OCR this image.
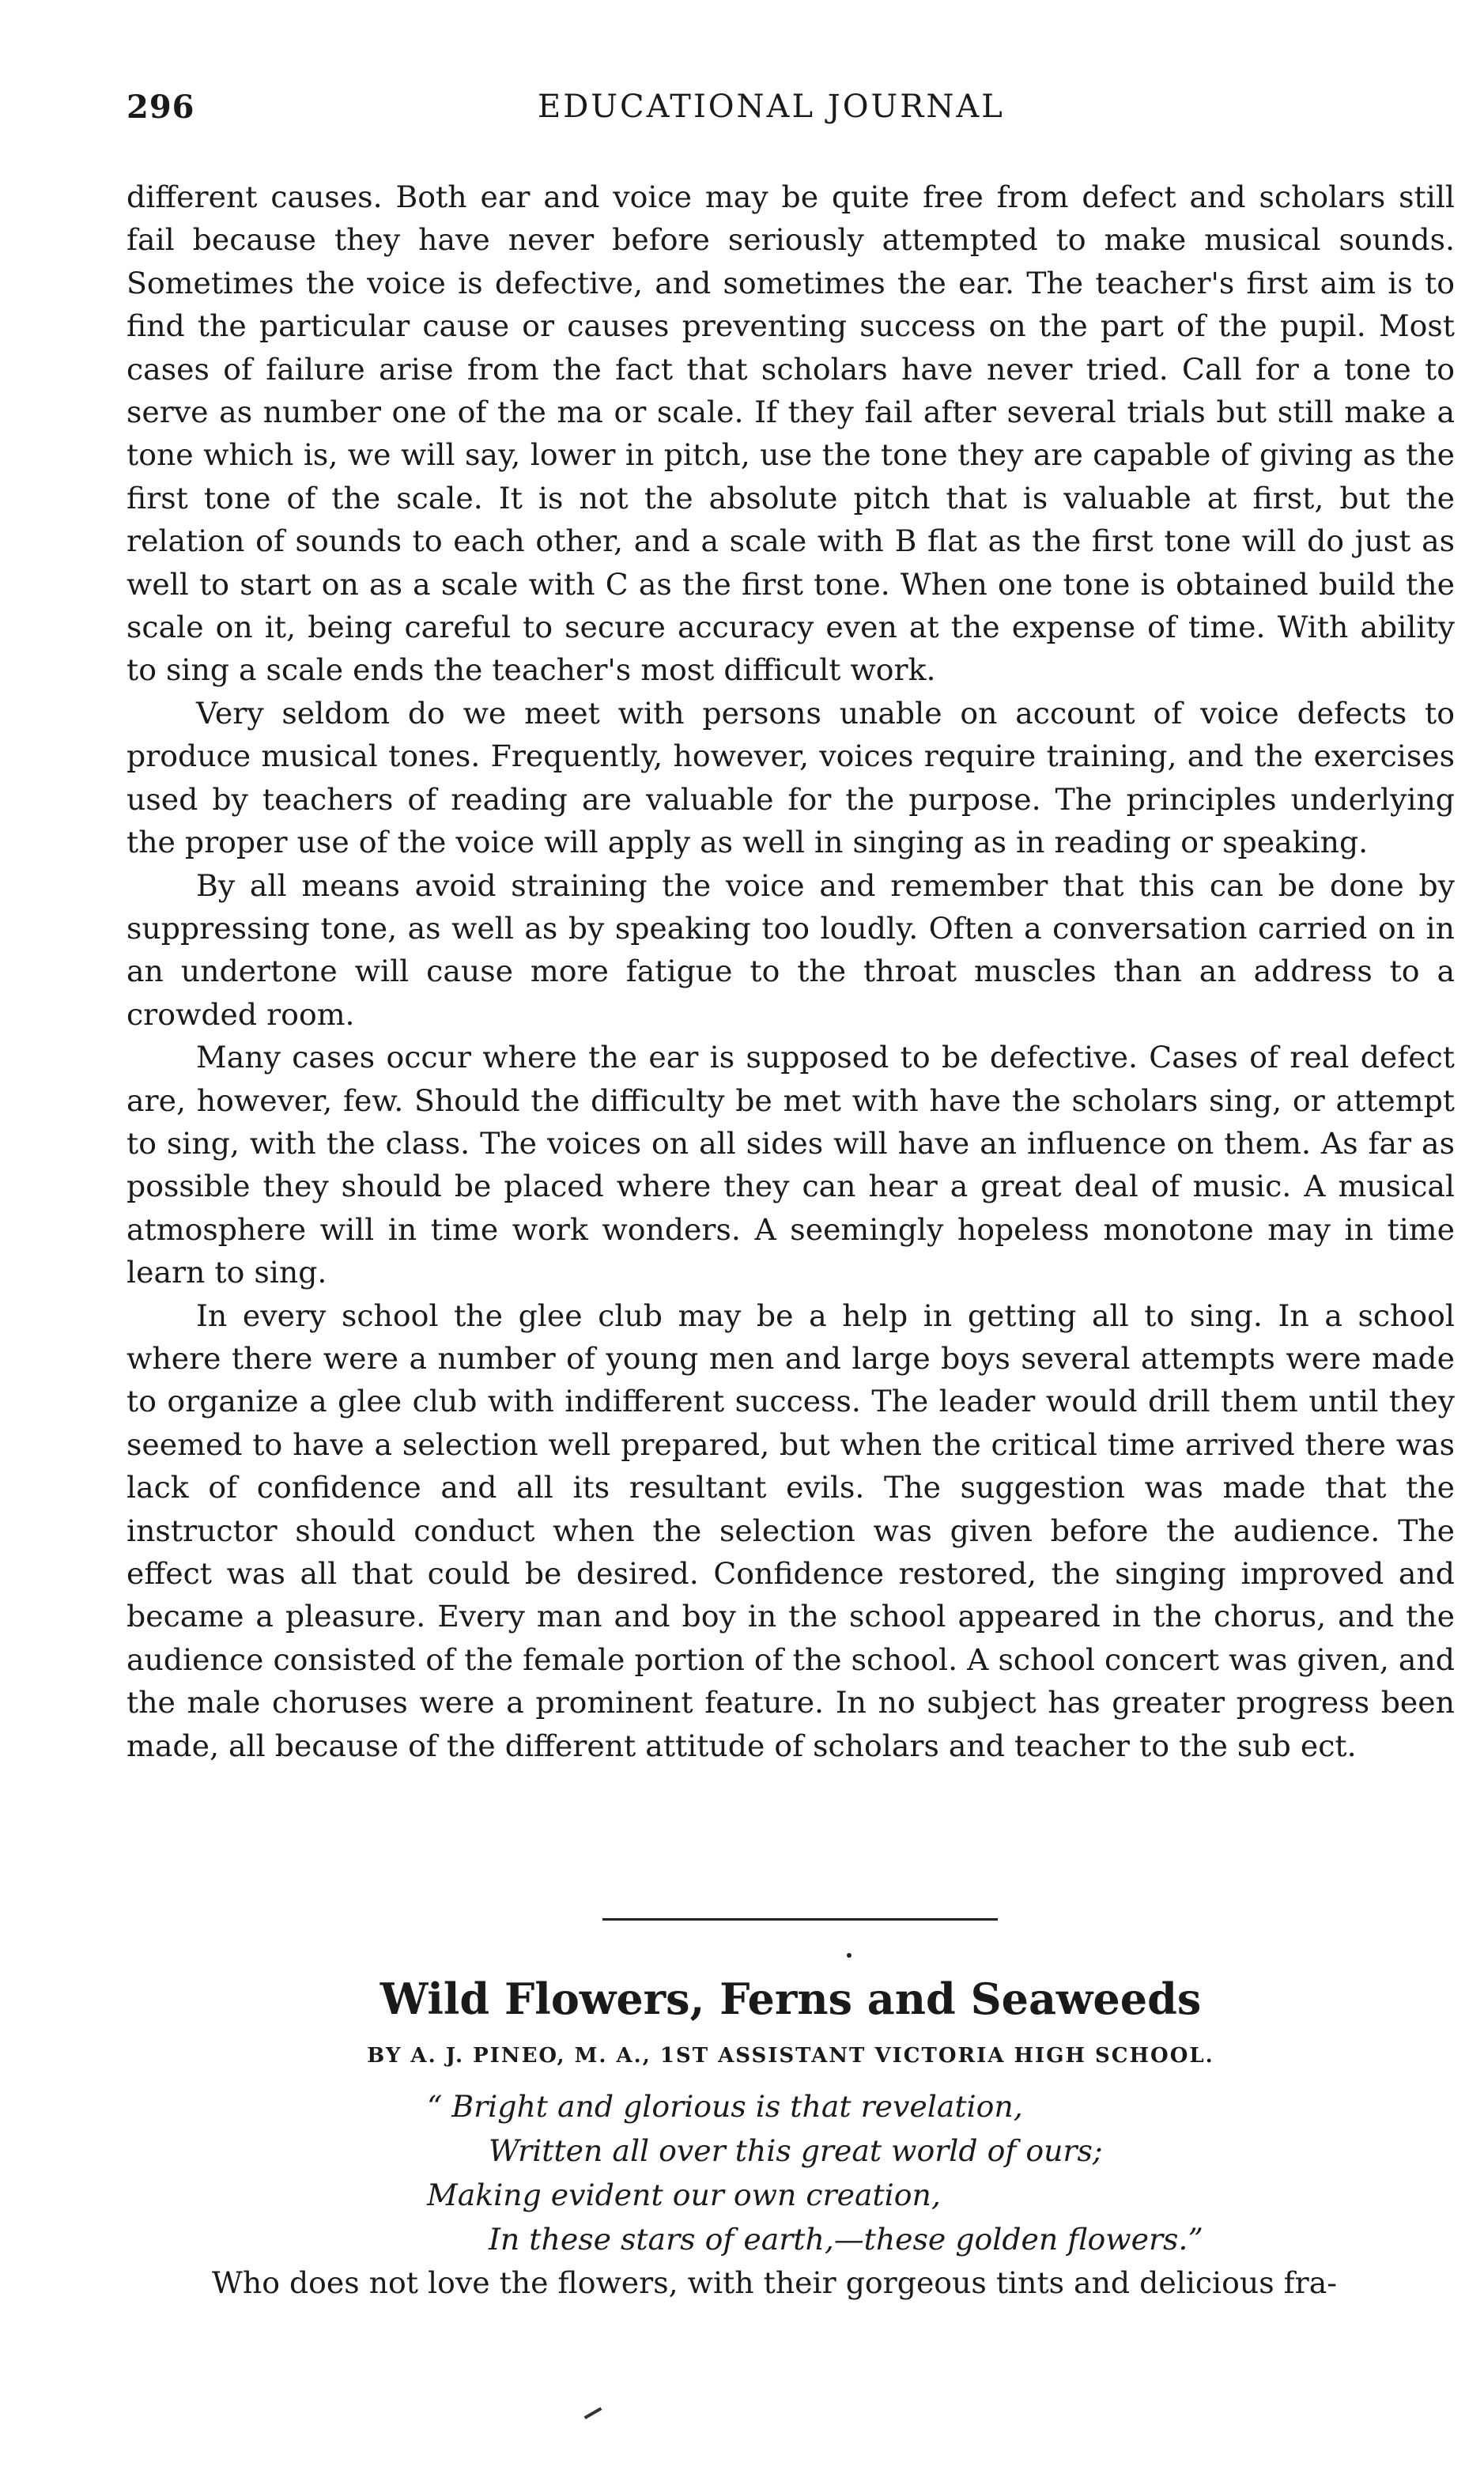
296	EDUCATIONAL JOURNAL

different causes. Both ear and voice may be quite free from defect and scholars still fail because they have never before seriously attempted to make musical sounds. Sometimes the voice is defective, and sometimes the ear. The teacher's first aim is to find the particular cause or causes preventing success on the part of the pupil. Most cases of failure arise from the fact that scholars have never tried. Call for a tone to serve as number one of the ma or scale. If they fail after several trials but still make a tone which is, we will say, lower in pitch, use the tone they are capable of giving as the first tone of the scale. It is not the absolute pitch that is valuable at first, but the relation of sounds to each other, and a scale with B flat as the first tone will do just as well to start on as a scale with C as the first tone. When one tone is obtained build the scale on it, being careful to secure accuracy even at the expense of time. With ability to sing a scale ends the teacher's most difficult work.

Very seldom do we meet with persons unable on account of voice defects to produce musical tones. Frequently, however, voices require training, and the exercises used by teachers of reading are valuable for the purpose. The principles underlying the proper use of the voice will apply as well in singing as in reading or speaking.

By all means avoid straining the voice and remember that this can be done by suppressing tone, as well as by speaking too loudly. Often a conversation carried on in an undertone will cause more fatigue to the throat muscles than an address to a crowded room.

Many cases occur where the ear is supposed to be defective. Cases of real defect are, however, few. Should the difficulty be met with have the scholars sing, or attempt to sing, with the class. The voices on all sides will have an influence on them. As far as possible they should be placed where they can hear a great deal of music. A musical atmosphere will in time work wonders. A seemingly hopeless monotone may in time learn to sing.

In every school the glee club may be a help in getting all to sing. In a school where there were a number of young men and large boys several attempts were made to organize a glee club with indifferent success. The leader would drill them until they seemed to have a selection well prepared, but when the critical time arrived there was lack of confidence and all its resultant evils. The suggestion was made that the instructor should conduct when the selection was given before the audience. The effect was all that could be desired. Confidence restored, the singing improved and became a pleasure. Every man and boy in the school appeared in the chorus, and the audience consisted of the female portion of the school. A school concert was given, and the male choruses were a prominent feature. In no subject has greater progress been made, all because of the different attitude of scholars and teacher to the sub ect.

Wild Flowers, Ferns and Seaweeds
BY A. J. PINEO, M. A., 1ST ASSISTANT VICTORIA HIGH SCHOOL.
“ Bright and glorious is that revelation,
Written all over this great world of ours;
Making evident our own creation,
In these stars of earth,—these golden flowers.”

Who does not love the flowers, with their gorgeous tints and delicious fra-
